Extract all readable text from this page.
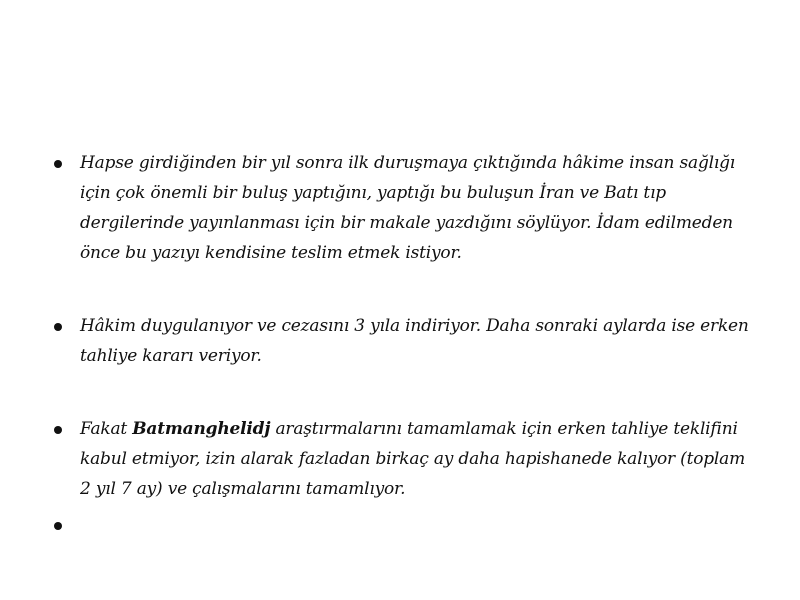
Hapse girdiğinden bir yıl sonra ilk duruşmaya çıktığında hâkime insan sağlığı için çok önemli bir buluş yaptığını, yaptığı bu buluşun İran ve Batı tıp dergilerinde yayınlanması için bir makale yazdığını söylüyor. İdam edilmeden önce bu yazıyı kendisine teslim etmek istiyor.
Hâkim duygulanıyor ve cezasını 3 yıla indiriyor. Daha sonraki aylarda ise erken tahliye kararı veriyor.
Fakat Batmanghelidj araştırmalarını tamamlamak için erken tahliye teklifini kabul etmiyor, izin alarak fazladan birkaç ay daha hapishanede kalıyor (toplam 2 yıl 7 ay) ve çalışmalarını tamamlıyor.
